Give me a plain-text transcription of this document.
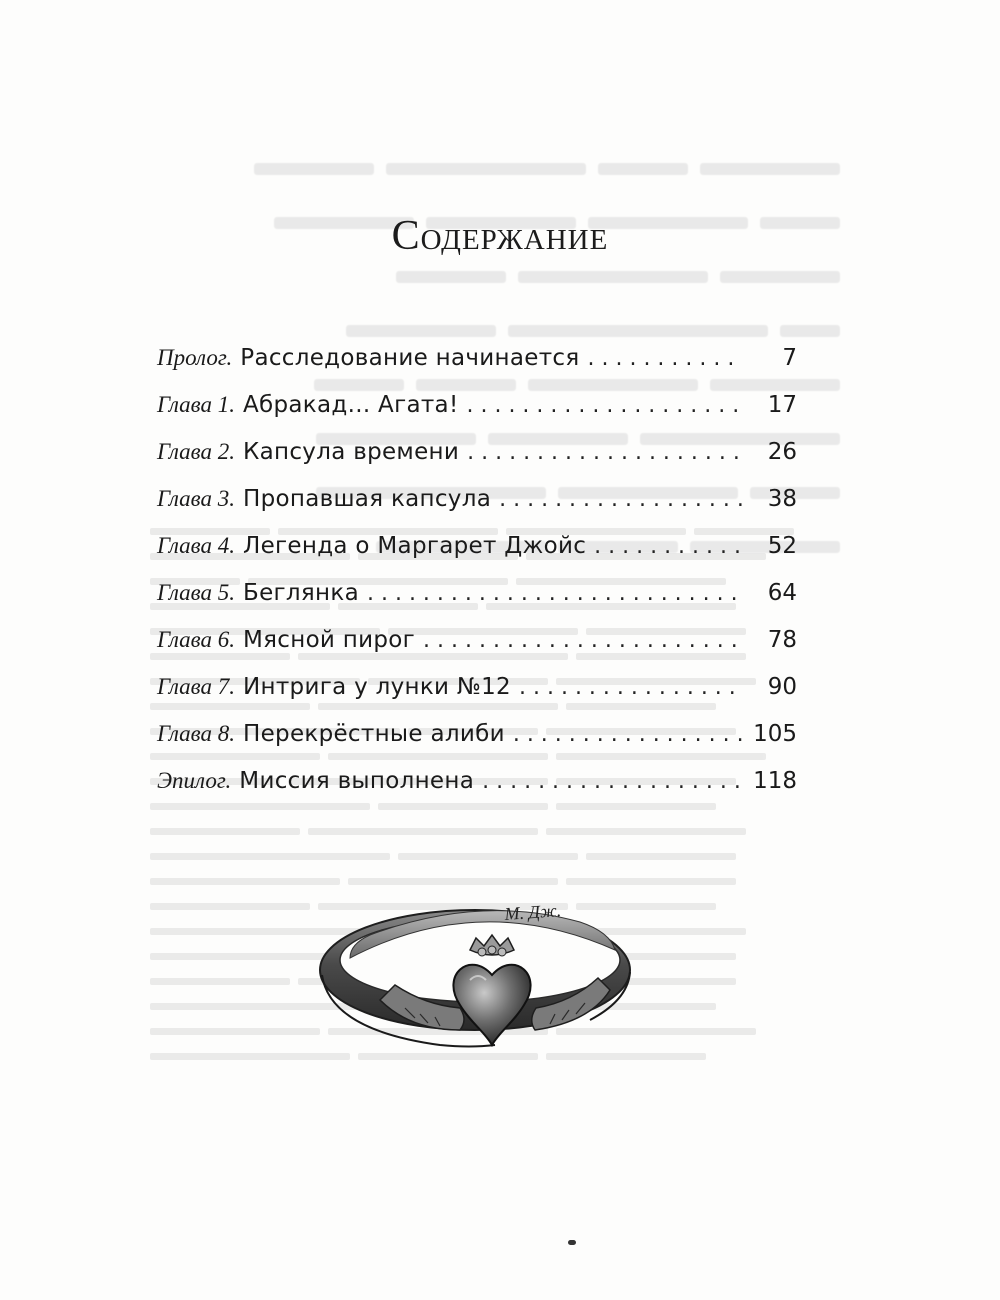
Содержание
Пролог. Расследование начинается . . .	7
Глава 1. Абракад... Агата! . . .	17
Глава 2. Капсула времени . . .	26
Глава 3. Пропавшая капсула . . .	38
Глава 4. Легенда о Маргарет Джойс . . .	52
Глава 5. Беглянка . . .	64
Глава 6. Мясной пирог . . .	78
Глава 7. Интрига у лунки №12 . . .	90
Глава 8. Перекрёстные алиби . . .	105
Эпилог. Миссия выполнена . . .	118
М. Дж.
